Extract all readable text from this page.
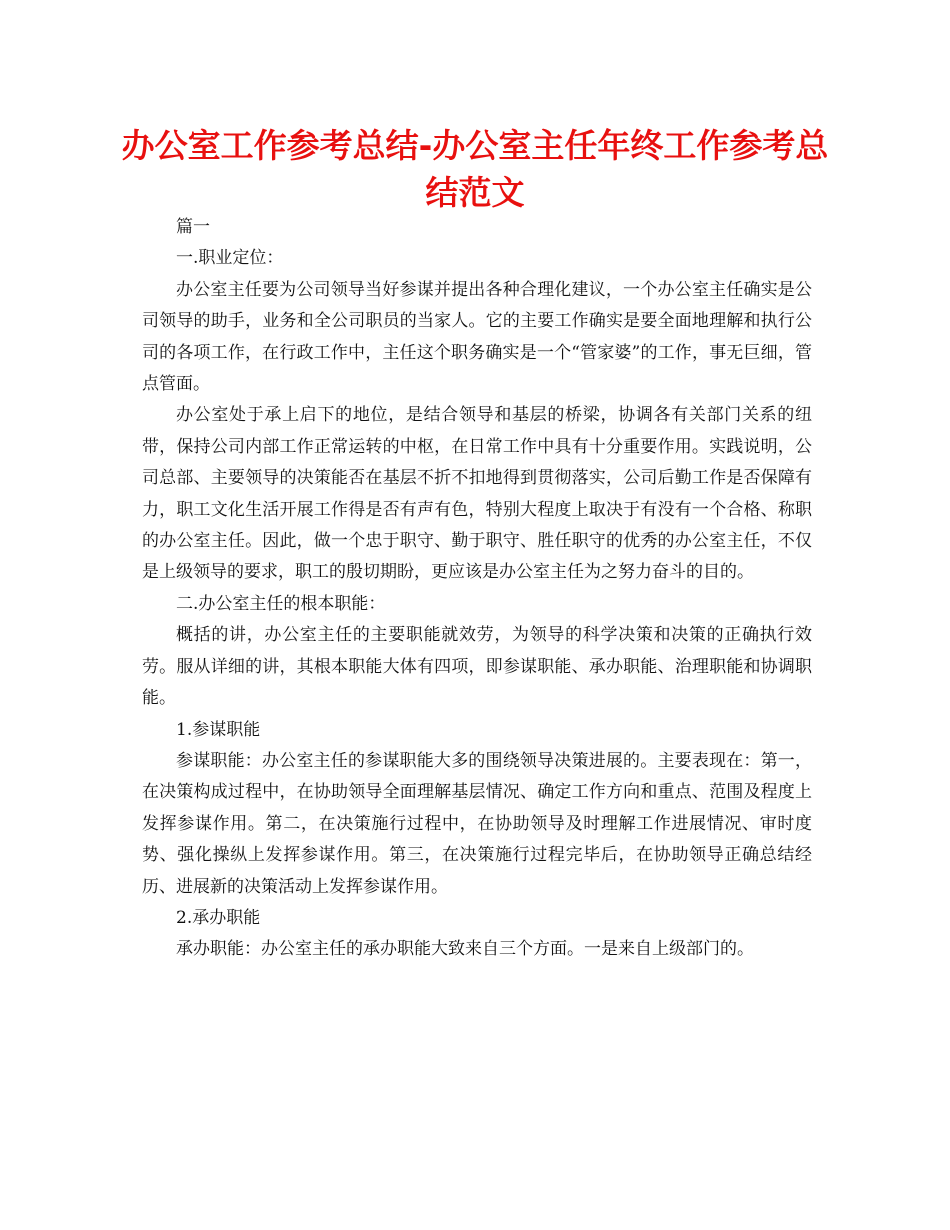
办公室工作参考总结-办公室主任年终工作参考总结范文

篇一

一.职业定位：

办公室主任要为公司领导当好参谋并提出各种合理化建议，一个办公室主任确实是公司领导的助手，业务和全公司职员的当家人。它的主要工作确实是要全面地理解和执行公司的各项工作，在行政工作中，主任这个职务确实是一个“管家婆”的工作，事无巨细，管点管面。

办公室处于承上启下的地位，是结合领导和基层的桥梁，协调各有关部门关系的纽带，保持公司内部工作正常运转的中枢，在日常工作中具有十分重要作用。实践说明，公司总部、主要领导的决策能否在基层不折不扣地得到贯彻落实，公司后勤工作是否保障有力，职工文化生活开展工作得是否有声有色，特别大程度上取决于有没有一个合格、称职的办公室主任。因此，做一个忠于职守、勤于职守、胜任职守的优秀的办公室主任，不仅是上级领导的要求，职工的殷切期盼，更应该是办公室主任为之努力奋斗的目的。

二.办公室主任的根本职能：

概括的讲，办公室主任的主要职能就效劳，为领导的科学决策和决策的正确执行效劳。服从详细的讲，其根本职能大体有四项，即参谋职能、承办职能、治理职能和协调职能。

1.参谋职能

参谋职能：办公室主任的参谋职能大多的围绕领导决策进展的。主要表现在：第一，在决策构成过程中，在协助领导全面理解基层情况、确定工作方向和重点、范围及程度上发挥参谋作用。第二，在决策施行过程中，在协助领导及时理解工作进展情况、审时度势、强化操纵上发挥参谋作用。第三，在决策施行过程完毕后，在协助领导正确总结经历、进展新的决策活动上发挥参谋作用。

2.承办职能

承办职能：办公室主任的承办职能大致来自三个方面。一是来自上级部门的。
